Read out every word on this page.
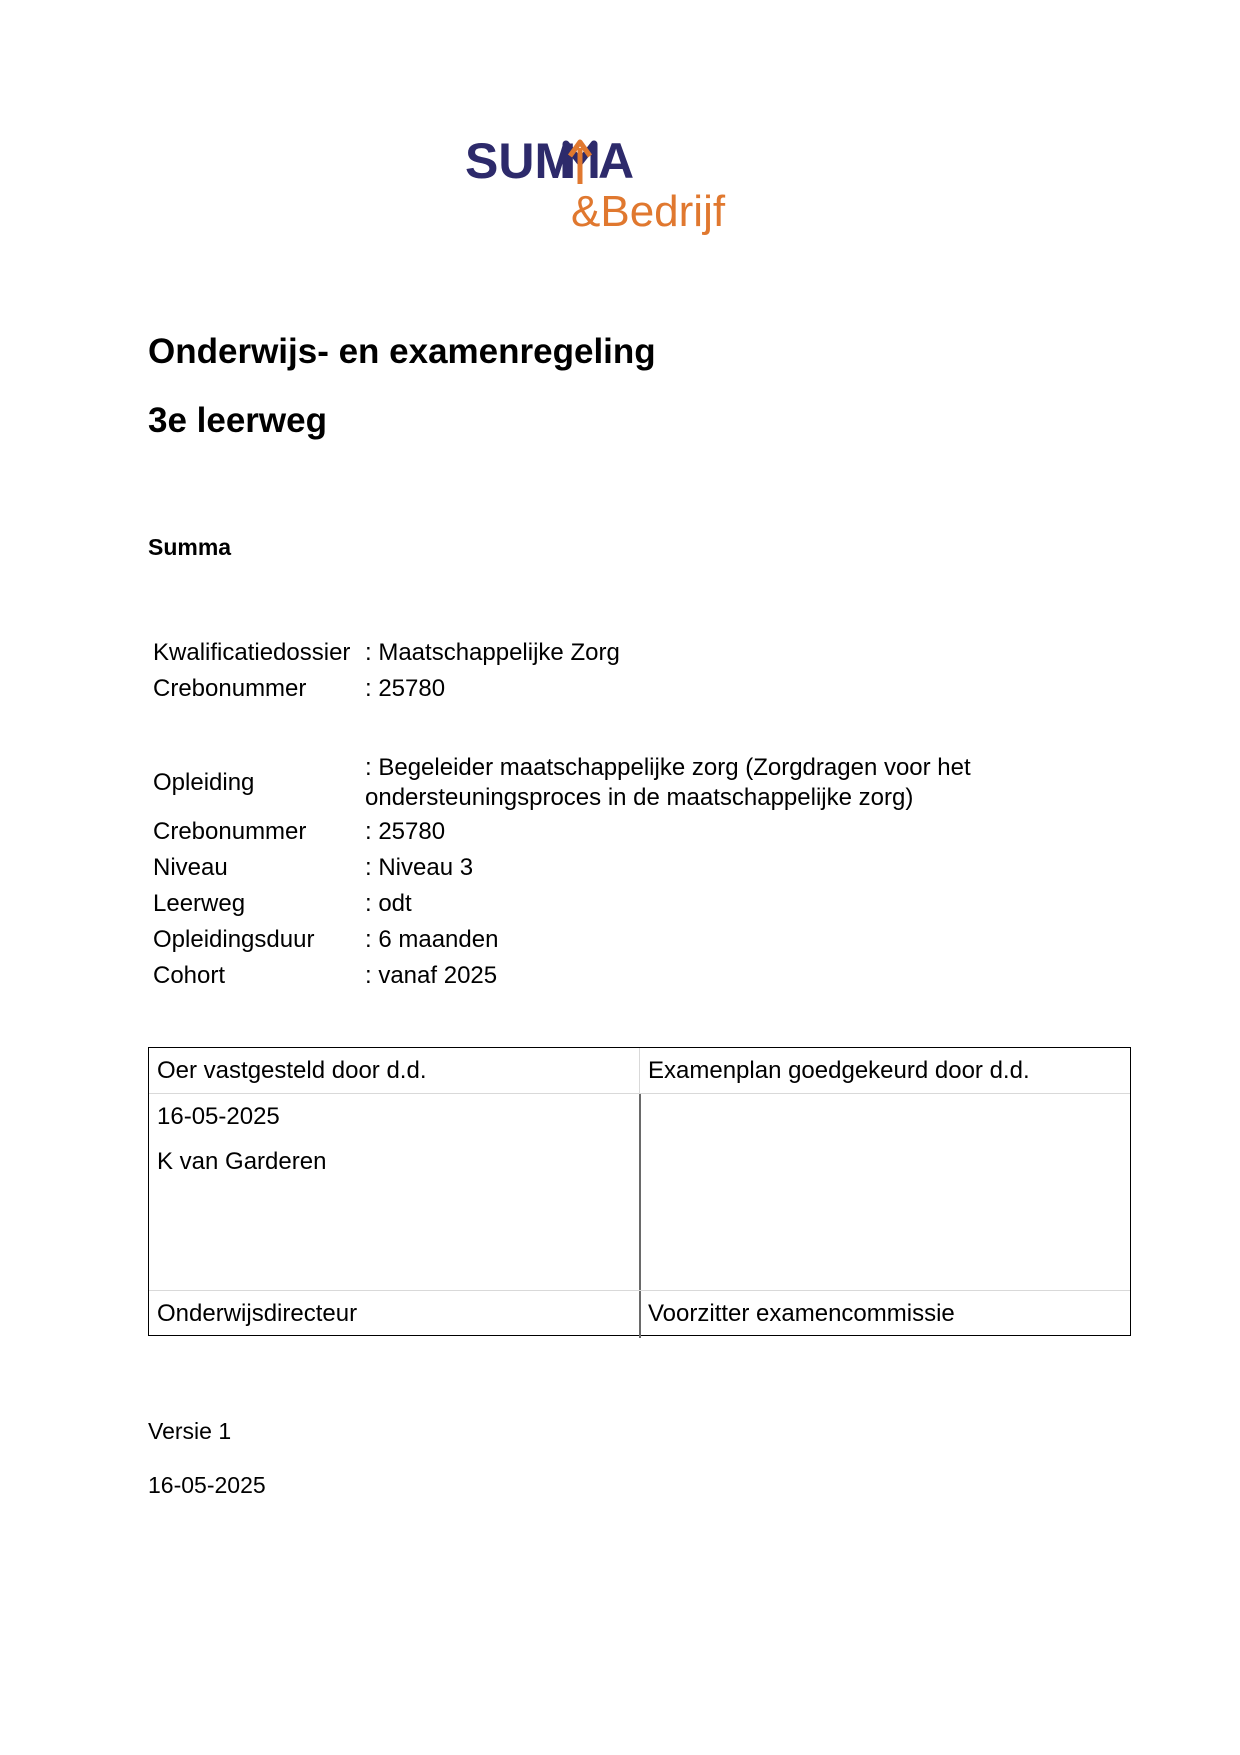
SUM A
&Bedrijf
Onderwijs- en examenregeling
3e leerweg
Summa
Kwalificatiedossier : Maatschappelijke Zorg
Crebonummer	: 25780
Opleiding
: Begeleider maatschappelijke zorg (Zorgdragen voor het ondersteuningsproces in de maatschappelijke zorg)
Crebonummer	: 25780
Niveau	: Niveau 3
Leerweg	: odt
Opleidingsduur	: 6 maanden
Cohort	: vanaf 2025
Oer vastgesteld door d.d.	Examenplan goedgekeurd door d.d.
16-05-2025
K van Garderen
Onderwijsdirecteur	Voorzitter examencommissie

Versie 1

16-05-2025
